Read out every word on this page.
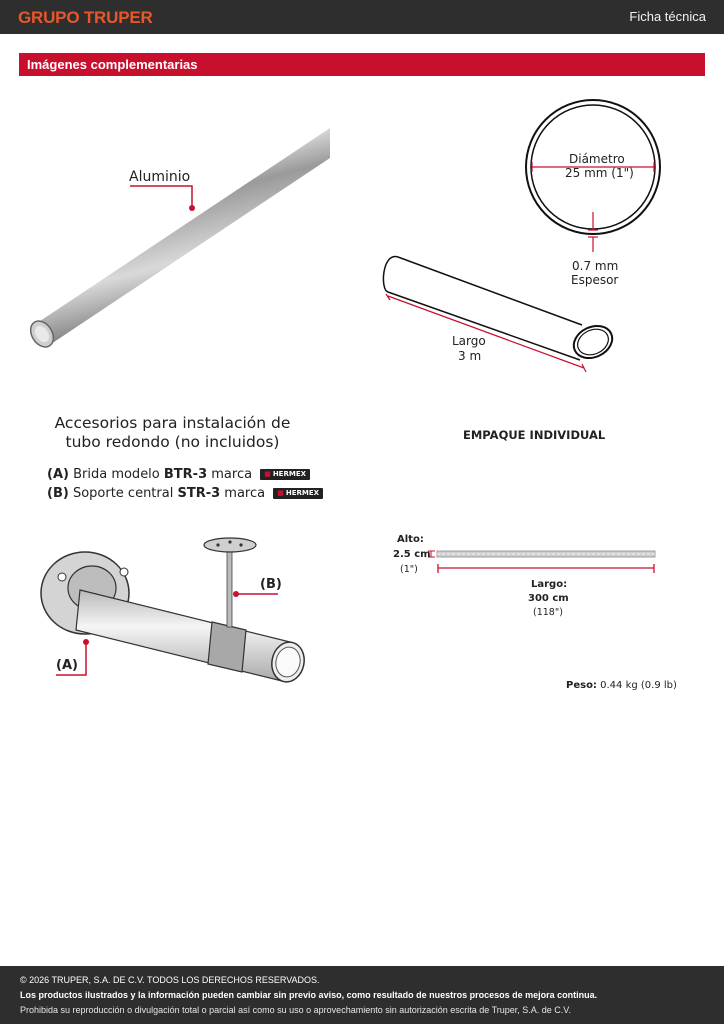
GRUPO TRUPER	Ficha técnica
Imágenes complementarias
Aluminio
Diámetro
25 mm (1")
0.7 mm
Espesor
Largo
3 m
Accesorios para instalación de
tubo redondo (no incluidos)
(A) Brida modelo BTR-3 marca ■ HERMEX
(B) Soporte central STR-3 marca ■ HERMEX
(A)
(B)
EMPAQUE INDIVIDUAL
Alto:
2.5 cm
(1")
Largo:
300 cm
(118")
Peso: 0.44 kg (0.9 lb)
© 2026 TRUPER, S.A. DE C.V. TODOS LOS DERECHOS RESERVADOS.
Los productos ilustrados y la información pueden cambiar sin previo aviso, como resultado de nuestros procesos de mejora continua.
Prohibida su reproducción o divulgación total o parcial así como su uso o aprovechamiento sin autorización escrita de Truper, S.A. de C.V.
